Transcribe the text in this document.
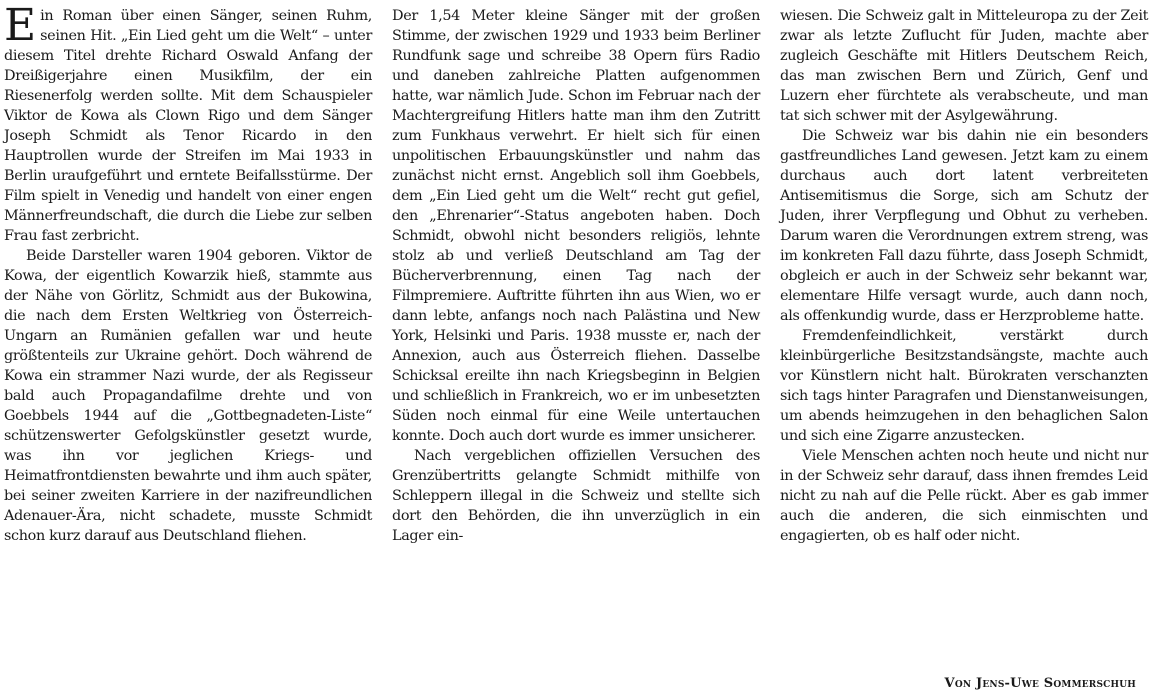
Ein Roman über einen Sänger, seinen Ruhm, seinen Hit. „Ein Lied geht um die Welt“ – unter diesem Titel drehte Richard Oswald Anfang der Dreißigerjahre einen Musikfilm, der ein Riesenerfolg werden sollte. Mit dem Schauspieler Viktor de Kowa als Clown Rigo und dem Sänger Joseph Schmidt als Tenor Ricardo in den Hauptrollen wurde der Streifen im Mai 1933 in Berlin uraufgeführt und erntete Beifallsstürme. Der Film spielt in Venedig und handelt von einer engen Männerfreundschaft, die durch die Liebe zur selben Frau fast zerbricht.

Beide Darsteller waren 1904 geboren. Viktor de Kowa, der eigentlich Kowarzik hieß, stammte aus der Nähe von Görlitz, Schmidt aus der Bukowina, die nach dem Ersten Weltkrieg von Österreich-Ungarn an Rumänien gefallen war und heute größtenteils zur Ukraine gehört. Doch während de Kowa ein strammer Nazi wurde, der als Regisseur bald auch Propagandafilme drehte und von Goebbels 1944 auf die „Gottbegnadeten-Liste“ schützenswerter Gefolgskünstler gesetzt wurde, was ihn vor jeglichen Kriegs- und Heimatfrontdiensten bewahrte und ihm auch später, bei seiner zweiten Karriere in der nazifreundlichen Adenauer-Ära, nicht schadete, musste Schmidt schon kurz darauf aus Deutschland fliehen.

Der 1,54 Meter kleine Sänger mit der großen Stimme, der zwischen 1929 und 1933 beim Berliner Rundfunk sage und schreibe 38 Opern fürs Radio und daneben zahlreiche Platten aufgenommen hatte, war nämlich Jude. Schon im Februar nach der Machtergreifung Hitlers hatte man ihm den Zutritt zum Funkhaus verwehrt. Er hielt sich für einen unpolitischen Erbauungskünstler und nahm das zunächst nicht ernst. Angeblich soll ihm Goebbels, dem „Ein Lied geht um die Welt“ recht gut gefiel, den „Ehrenarier“-Status angeboten haben. Doch Schmidt, obwohl nicht besonders religiös, lehnte stolz ab und verließ Deutschland am Tag der Bücherverbrennung, einen Tag nach der Filmpremiere. Auftritte führten ihn aus Wien, wo er dann lebte, anfangs noch nach Palästina und New York, Helsinki und Paris. 1938 musste er, nach der Annexion, auch aus Österreich fliehen. Dasselbe Schicksal ereilte ihn nach Kriegsbeginn in Belgien und schließlich in Frankreich, wo er im unbesetzten Süden noch einmal für eine Weile untertauchen konnte. Doch auch dort wurde es immer unsicherer.

Nach vergeblichen offiziellen Versuchen des Grenzübertritts gelangte Schmidt mithilfe von Schleppern illegal in die Schweiz und stellte sich dort den Behörden, die ihn unverzüglich in ein Lager ein-

wiesen. Die Schweiz galt in Mitteleuropa zu der Zeit zwar als letzte Zuflucht für Juden, machte aber zugleich Geschäfte mit Hitlers Deutschem Reich, das man zwischen Bern und Zürich, Genf und Luzern eher fürchtete als verabscheute, und man tat sich schwer mit der Asylgewährung.

Die Schweiz war bis dahin nie ein besonders gastfreundliches Land gewesen. Jetzt kam zu einem durchaus auch dort latent verbreiteten Antisemitismus die Sorge, sich am Schutz der Juden, ihrer Verpflegung und Obhut zu verheben. Darum waren die Verordnungen extrem streng, was im konkreten Fall dazu führte, dass Joseph Schmidt, obgleich er auch in der Schweiz sehr bekannt war, elementare Hilfe versagt wurde, auch dann noch, als offenkundig wurde, dass er Herzprobleme hatte.

Fremdenfeindlichkeit, verstärkt durch kleinbürgerliche Besitzstandsängste, machte auch vor Künstlern nicht halt. Bürokraten verschanzten sich tags hinter Paragrafen und Dienstanweisungen, um abends heimzugehen in den behaglichen Salon und sich eine Zigarre anzustecken.

Viele Menschen achten noch heute und nicht nur in der Schweiz sehr darauf, dass ihnen fremdes Leid nicht zu nah auf die Pelle rückt. Aber es gab immer auch die anderen, die sich einmischten und engagierten, ob es half oder nicht.

Von Jens-Uwe Sommerschuh
